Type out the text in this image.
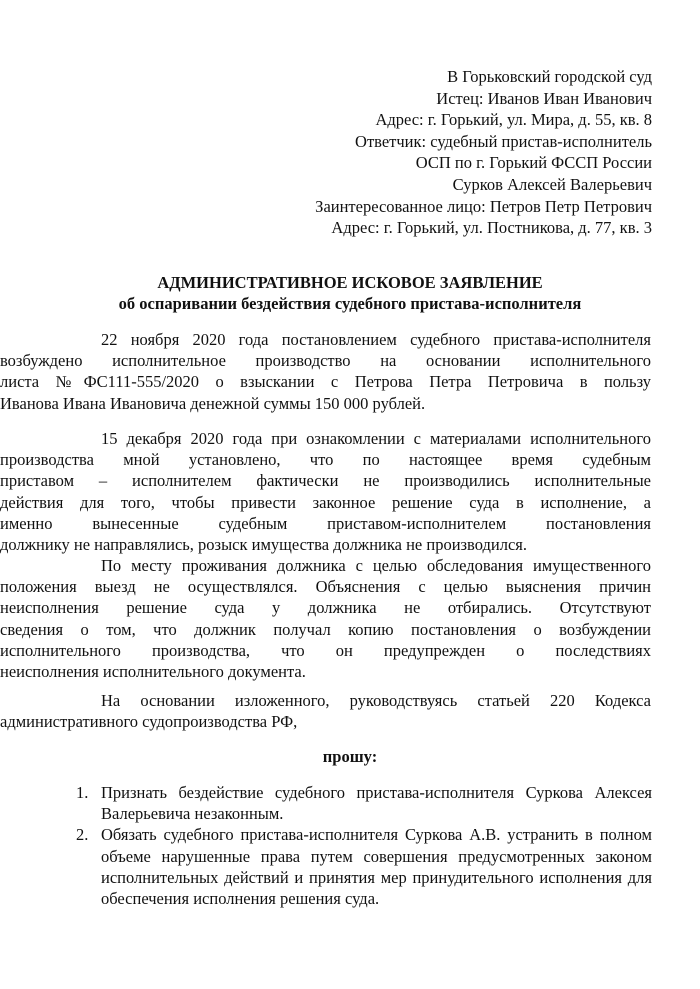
В Горьковский городской суд
Истец: Иванов Иван Иванович
Адрес: г. Горький, ул. Мира, д. 55, кв. 8
Ответчик: судебный пристав-исполнитель
ОСП по г. Горький ФССП России
Сурков Алексей Валерьевич
Заинтересованное лицо: Петров Петр Петрович
Адрес: г. Горький, ул. Постникова, д. 77, кв. 3
АДМИНИСТРАТИВНОЕ ИСКОВОЕ ЗАЯВЛЕНИЕ
об оспаривании бездействия судебного пристава-исполнителя
22 ноября 2020 года постановлением судебного пристава-исполнителя
возбуждено исполнительное производство на основании исполнительного
листа №ФС111-555/2020 о взыскании с Петрова Петра Петровича в пользу
Иванова Ивана Ивановича денежной суммы 150 000 рублей.
15 декабря 2020 года при ознакомлении с материалами исполнительного
производства мной установлено, что по настоящее время судебным
приставом – исполнителем фактически не производились исполнительные
действия для того, чтобы привести законное решение суда в исполнение, а
именно вынесенные судебным приставом-исполнителем постановления
должнику не направлялись, розыск имущества должника не производился.
По месту проживания должника с целью обследования имущественного
положения выезд не осуществлялся. Объяснения с целью выяснения причин
неисполнения решение суда у должника не отбирались. Отсутствуют
сведения о том, что должник получал копию постановления о возбуждении
исполнительного производства, что он предупрежден о последствиях
неисполнения исполнительного документа.
На основании изложенного, руководствуясь статьей 220 Кодекса
административного судопроизводства РФ,
прошу:
1. Признать бездействие судебного пристава-исполнителя Суркова Алексея
Валерьевича незаконным.
2. Обязать судебного пристава-исполнителя Суркова А.В. устранить в полном
объеме нарушенные права путем совершения предусмотренных законом
исполнительных действий и принятия мер принудительного исполнения для
обеспечения исполнения решения суда.
